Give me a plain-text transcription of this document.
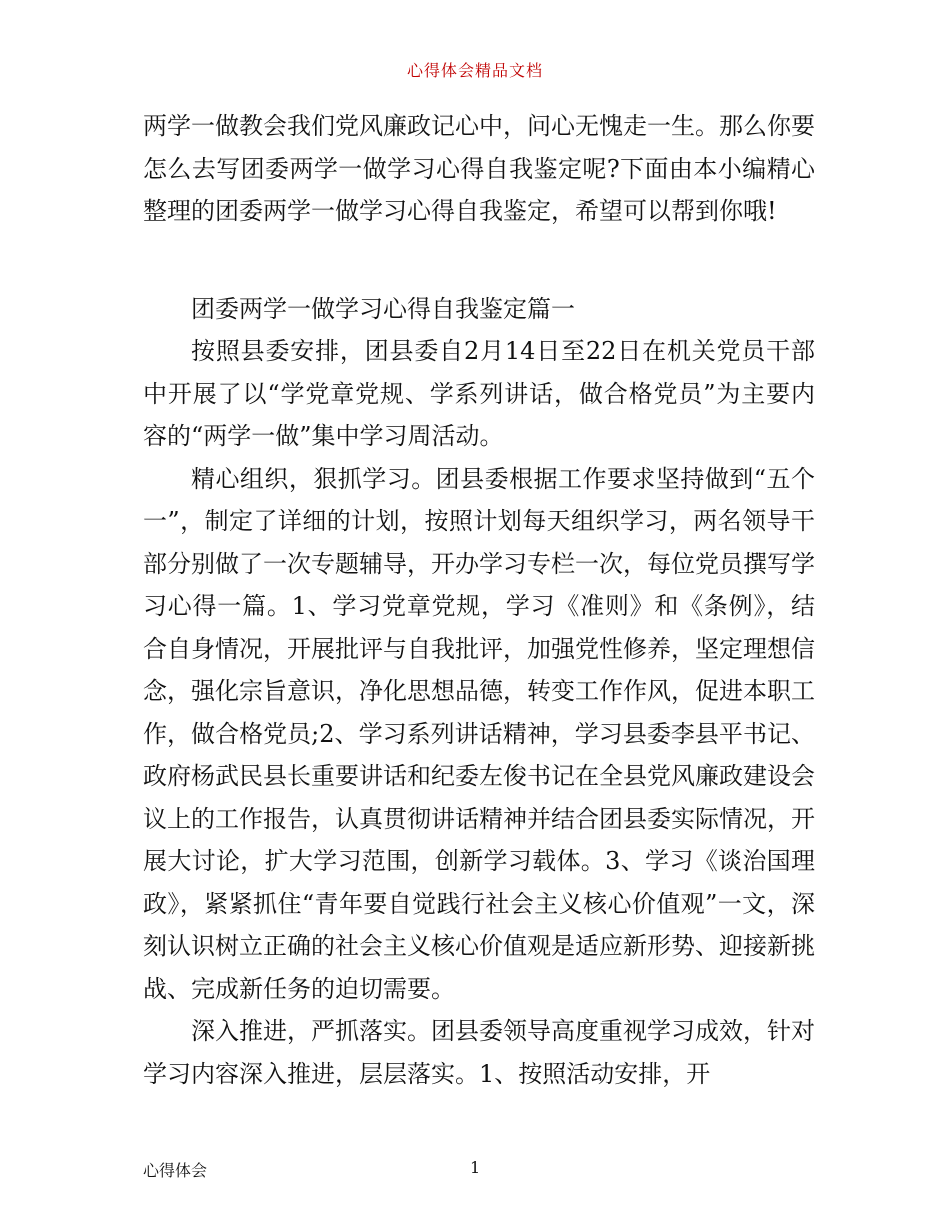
心得体会精品文档

两学一做教会我们党风廉政记心中，问心无愧走一生。那么你要怎么去写团委两学一做学习心得自我鉴定呢?下面由本小编精心整理的团委两学一做学习心得自我鉴定，希望可以帮到你哦!

团委两学一做学习心得自我鉴定篇一

按照县委安排，团县委自2月14日至22日在机关党员干部中开展了以“学党章党规、学系列讲话，做合格党员”为主要内容的“两学一做”集中学习周活动。

精心组织，狠抓学习。团县委根据工作要求坚持做到“五个一”，制定了详细的计划，按照计划每天组织学习，两名领导干部分别做了一次专题辅导，开办学习专栏一次，每位党员撰写学习心得一篇。1、学习党章党规，学习《准则》和《条例》，结合自身情况，开展批评与自我批评，加强党性修养，坚定理想信念，强化宗旨意识，净化思想品德，转变工作作风，促进本职工作，做合格党员;2、学习系列讲话精神，学习县委李县平书记、政府杨武民县长重要讲话和纪委左俊书记在全县党风廉政建设会议上的工作报告，认真贯彻讲话精神并结合团县委实际情况，开展大讨论，扩大学习范围，创新学习载体。3、学习《谈治国理政》，紧紧抓住“青年要自觉践行社会主义核心价值观”一文，深刻认识树立正确的社会主义核心价值观是适应新形势、迎接新挑战、完成新任务的迫切需要。

深入推进，严抓落实。团县委领导高度重视学习成效，针对学习内容深入推进，层层落实。1、按照活动安排，开

心得体会	1
